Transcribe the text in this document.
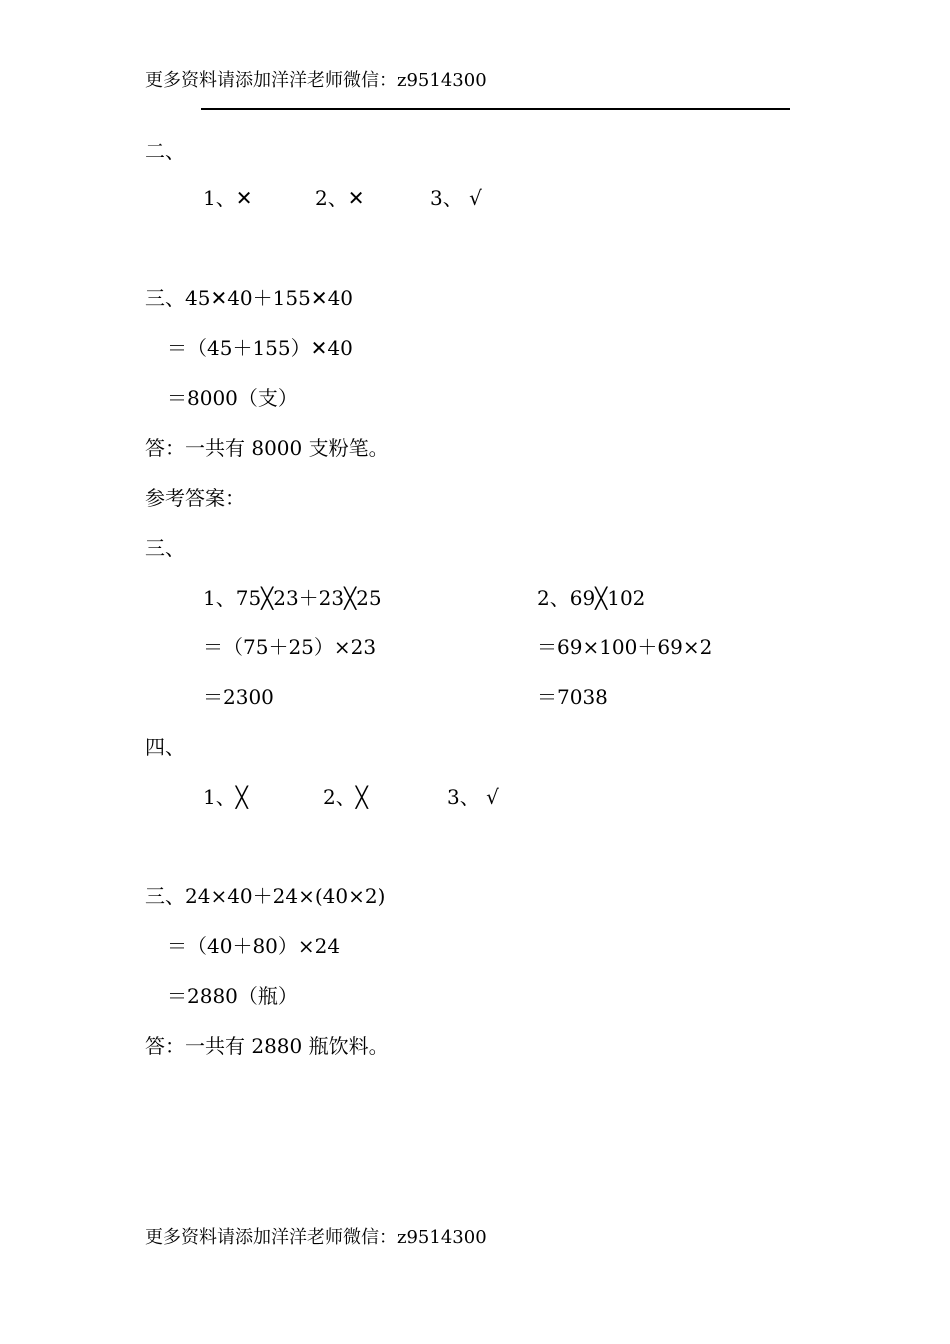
更多资料请添加洋洋老师微信：z9514300
二、
1、✕	2、✕	3、 √
三、45✕40＋155✕40
＝（45＋155）✕40
＝8000（支）
答：一共有 8000 支粉笔。
参考答案：
三、
1、75╳23＋23╳25
＝（75＋25）×23
＝2300
2、69╳102
＝69×100＋69×2
＝7038
四、
1、╳	2、╳	3、 √
三、24×40＋24×(40×2)
＝（40＋80）×24
＝2880（瓶）
答：一共有 2880 瓶饮料。
更多资料请添加洋洋老师微信：z9514300
